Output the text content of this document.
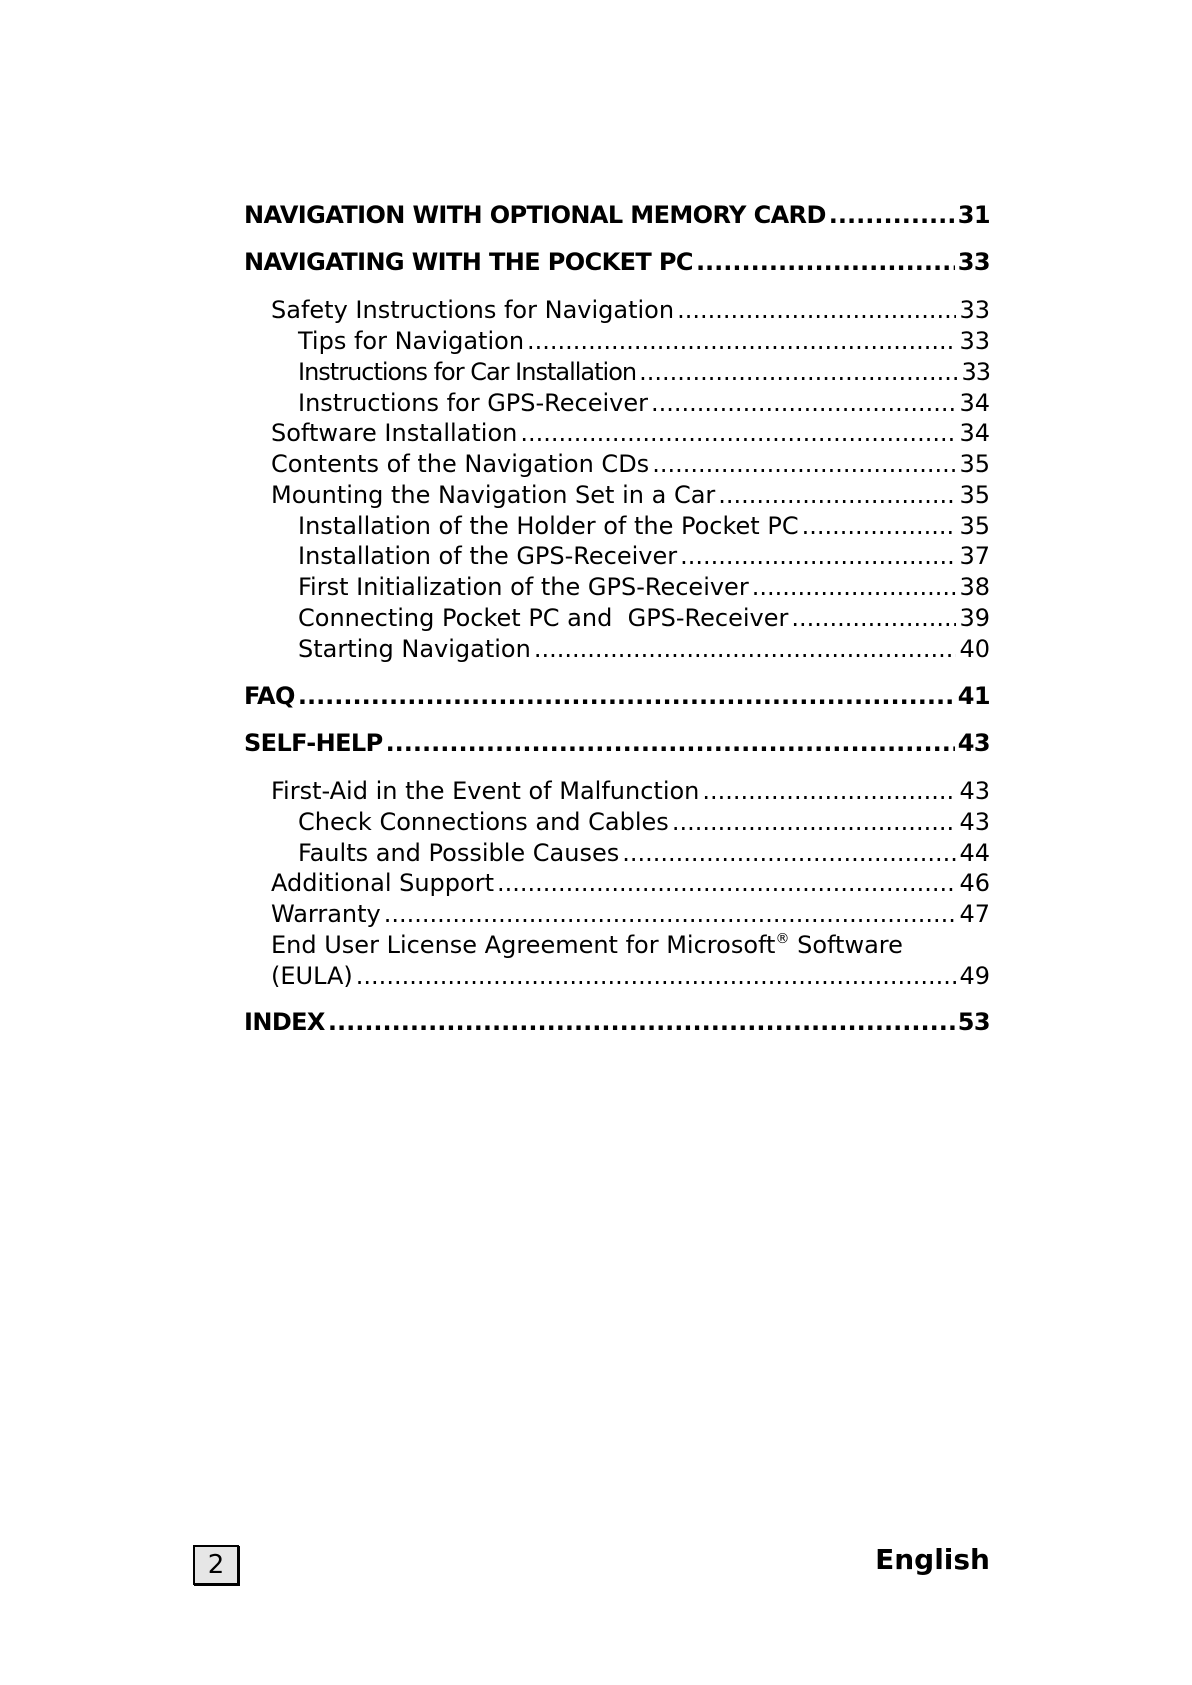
NAVIGATION WITH OPTIONAL MEMORY CARD .....	31
NAVIGATING WITH THE POCKET PC .....	33
Safety Instructions for Navigation .....	33
Tips for Navigation .....	33
Instructions for Car Installation .....	33
Instructions for GPS-Receiver .....	34
Software Installation .....	34
Contents of the Navigation CDs .....	35
Mounting the Navigation Set in a Car .....	35
Installation of the Holder of the Pocket PC .....	35
Installation of the GPS-Receiver .....	37
First Initialization of the GPS-Receiver .....	38
Connecting Pocket PC and  GPS-Receiver .....	39
Starting Navigation .....	40
FAQ .....	41
SELF-HELP .....	43
First-Aid in the Event of Malfunction .....	43
Check Connections and Cables .....	43
Faults and Possible Causes .....	44
Additional Support .....	46
Warranty .....	47
End User License Agreement for Microsoft® Software
(EULA) .....	49
INDEX .....	53
2	English
